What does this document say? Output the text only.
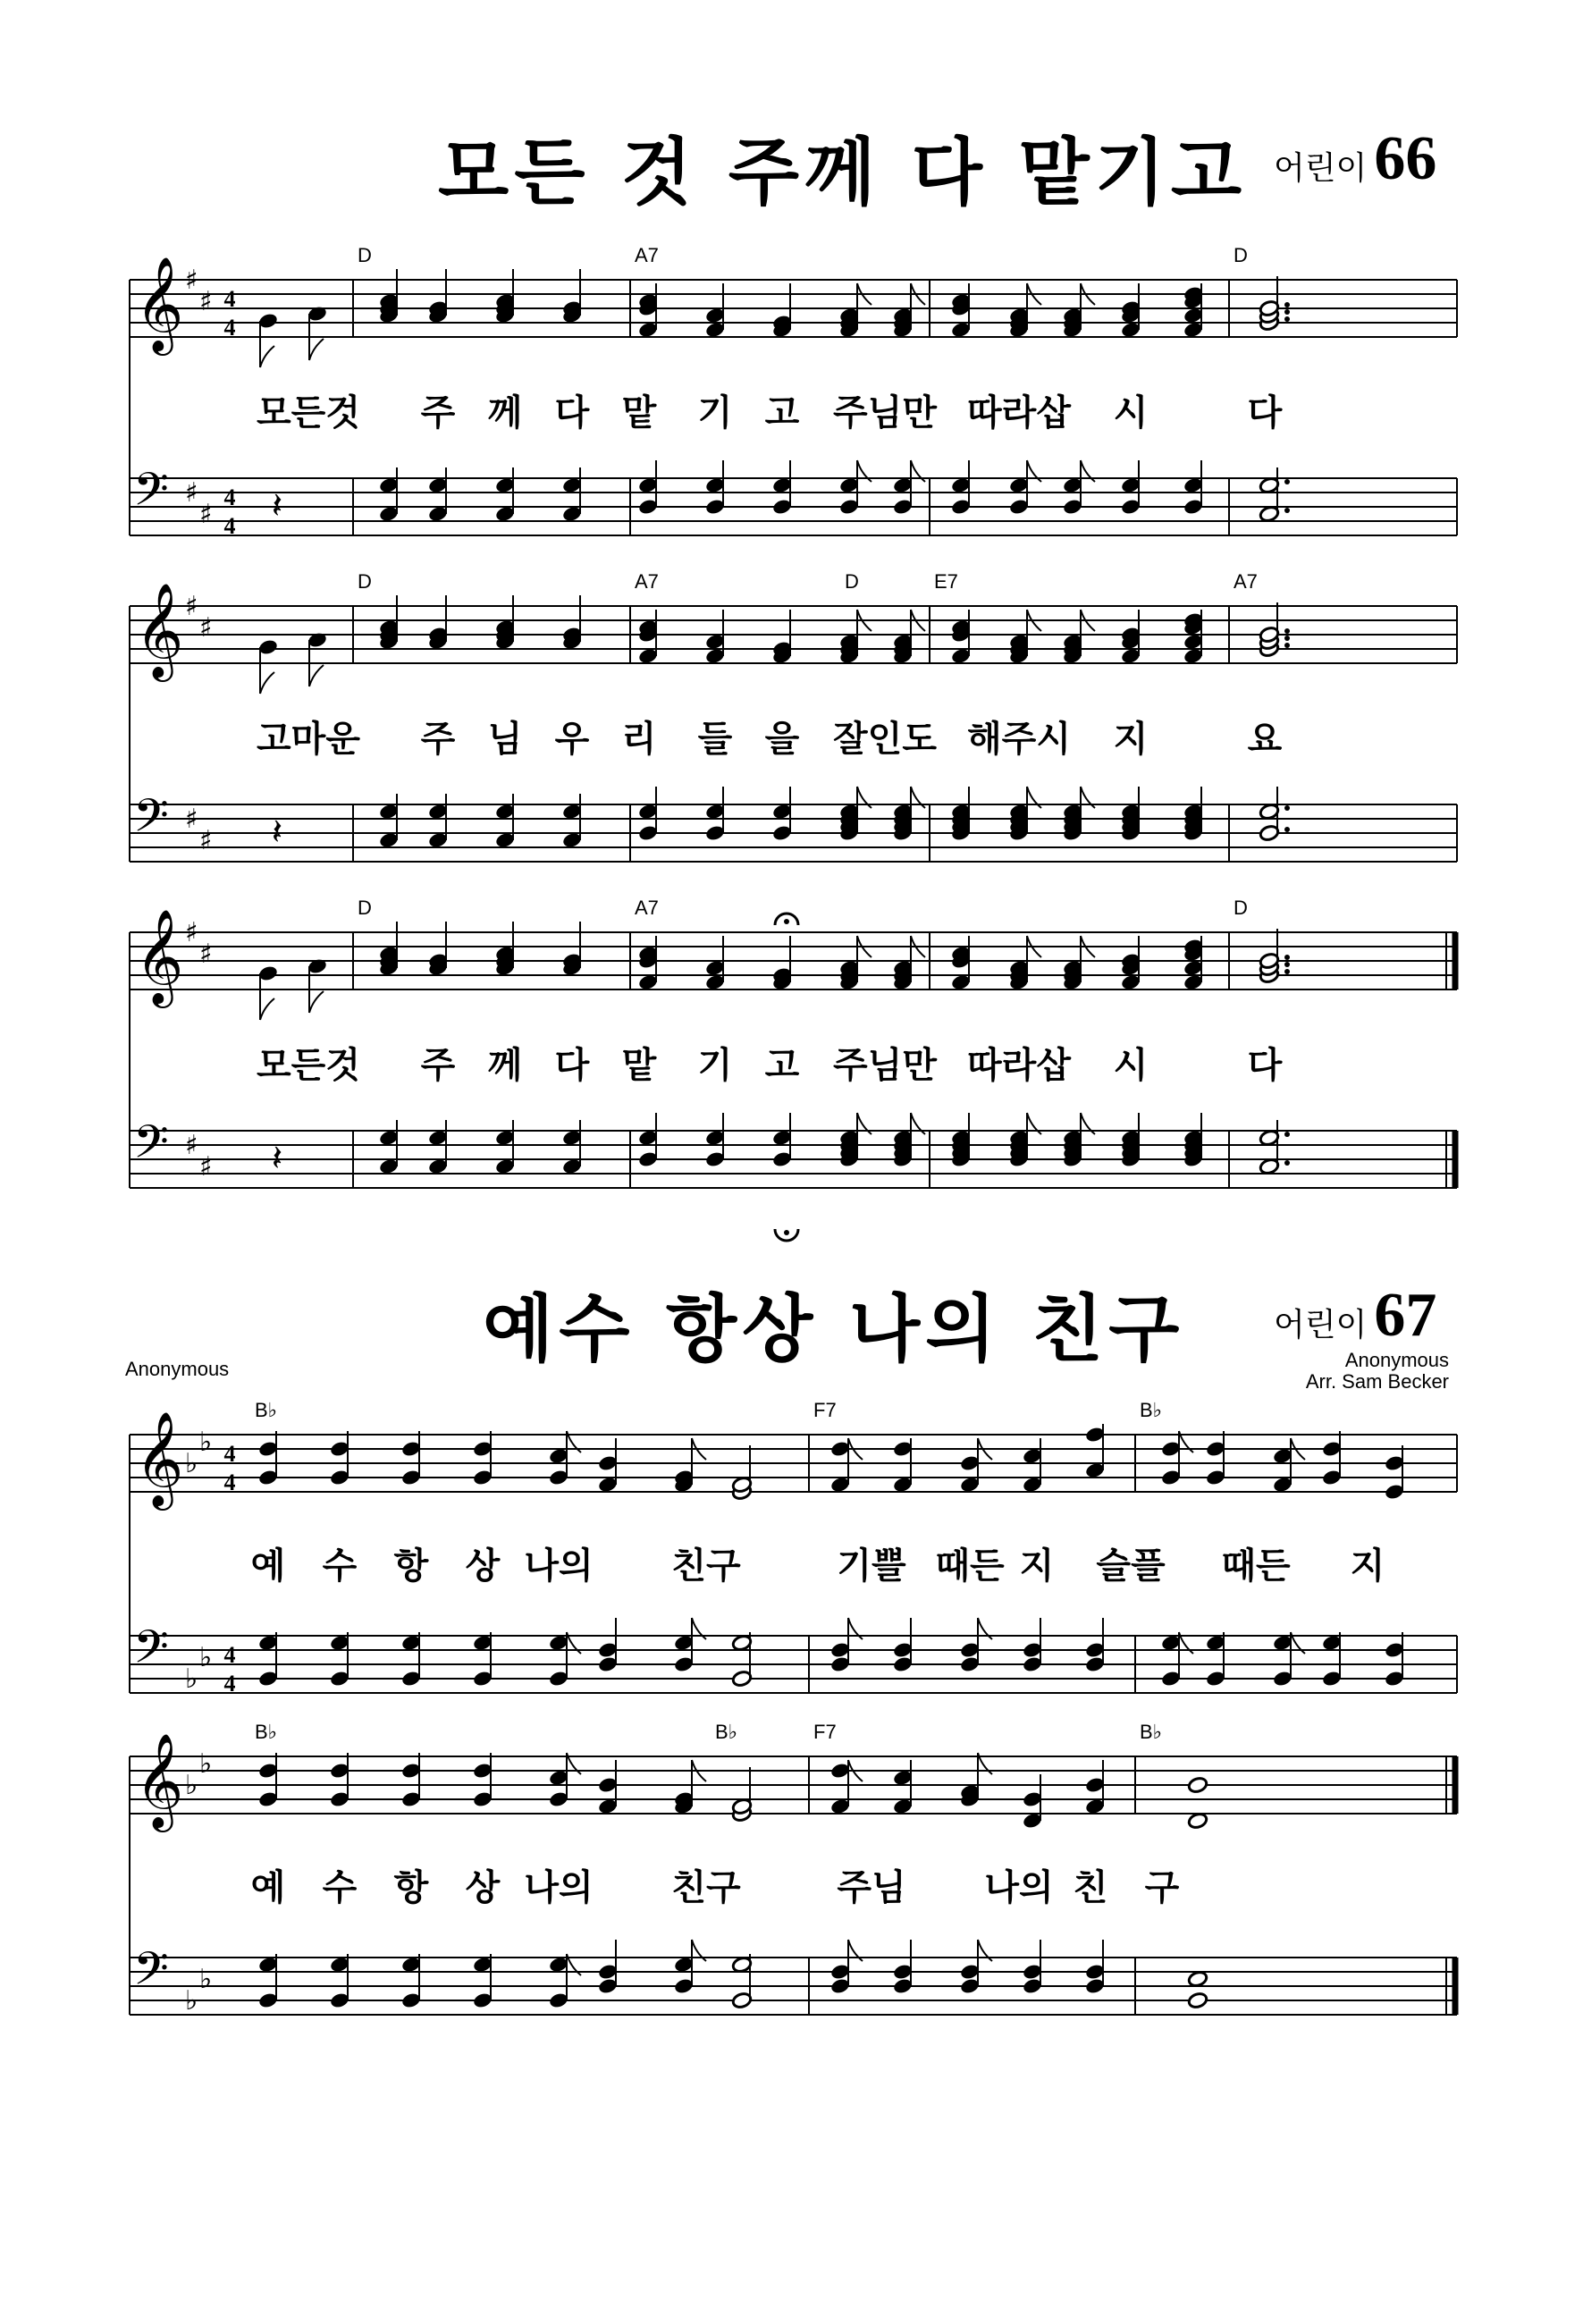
모든 것 주께 다 맡기고 어린이 66
예수 항상 나의 친구	어린이 67
Anonymous	Anonymous
Arr. Sam Becker
모든것 주 께 다 맡 기 고 주님만 따라삽 시	다
고마운 주 님 우 리 들 을 잘인도 해주시 지	요
모든것 주 께 다 맡 기 고 주님만 따라삽 시	다
예 수 항 상 나의 친구	기쁠 때든 지 슬플 때든 지
예 수 항 상 나의 친구	주님 나의 친 구
𝄞 ♯
♯ 4
4
D	A7	D
𝄢 ♯
♯
4
4 𝄽
𝄞 ♯
♯
D	A7	D	E7	A7
𝄢 ♯
♯ 𝄽
𝄞 ♯
♯
D	A7	D
𝄢 ♯
♯ 𝄽
𝄞 ♭
♭ 4
4
B♭	F7	B♭
𝄢 ♭
♭ 4
4
𝄞 ♭
♭
B♭	B♭	F7	B♭
𝄢 ♭
♭
